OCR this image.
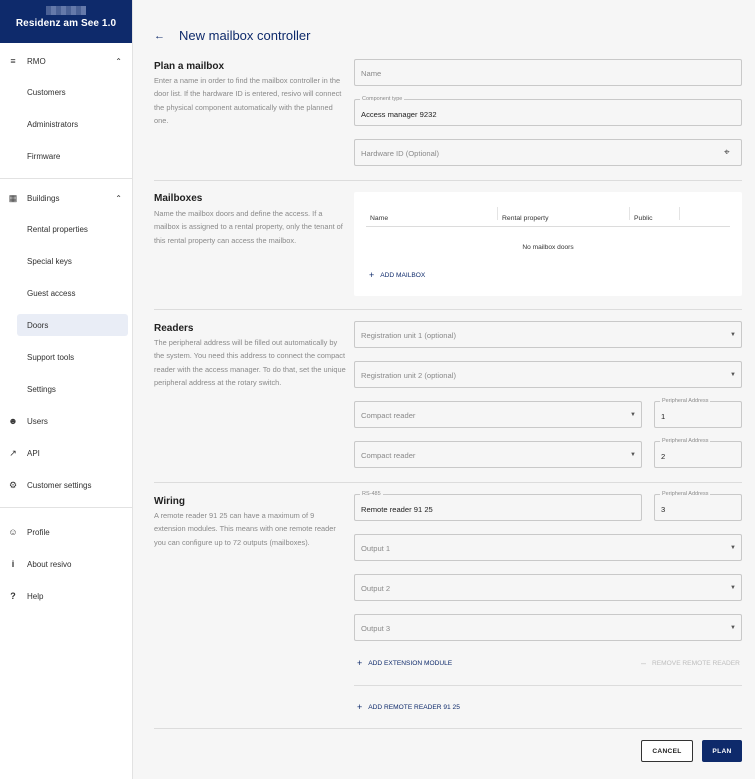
Residenz am See 1.0
≡	RMO	⌃
Customers
Administrators
Firmware
▦ Buildings	⌃
Rental properties
Special keys
Guest access
Doors
Support tools
Settings
☻ Users
↗ API
⚙ Customer settings
☺ Profile
i	About resivo
?	Help
← New mailbox controller
Plan a mailbox
Enter a name in order to find the mailbox controller in the door list. If the hardware ID is entered, resivo will connect the physical component automatically with the planned one.
Name
Component type
Access manager 9232
Hardware ID (Optional)	⌖
Mailboxes
Name the mailbox doors and define the access. If a mailbox is assigned to a rental property, only the tenant of this rental property can access the mailbox.
Name	Rental property	Public
No mailbox doors
+ ADD MAILBOX
Readers
The peripheral address will be filled out automatically by the system. You need this address to connect the compact reader with the access manager. To do that, set the unique peripheral address at the rotary switch.
Registration unit 1 (optional)	▼
Registration unit 2 (optional)	▼
Compact reader	▼
Peripheral Address
1
Compact reader	▼
Peripheral Address
2
Wiring
A remote reader 91 25 can have a maximum of 9 extension modules. This means with one remote reader you can configure up to 72 outputs (mailboxes).
RS-485
Remote reader 91 25
Peripheral Address
3
Output 1	▼
Output 2	▼
Output 3	▼
+ ADD EXTENSION MODULE	– REMOVE REMOTE READER
+ ADD REMOTE READER 91 25
CANCEL	PLAN
